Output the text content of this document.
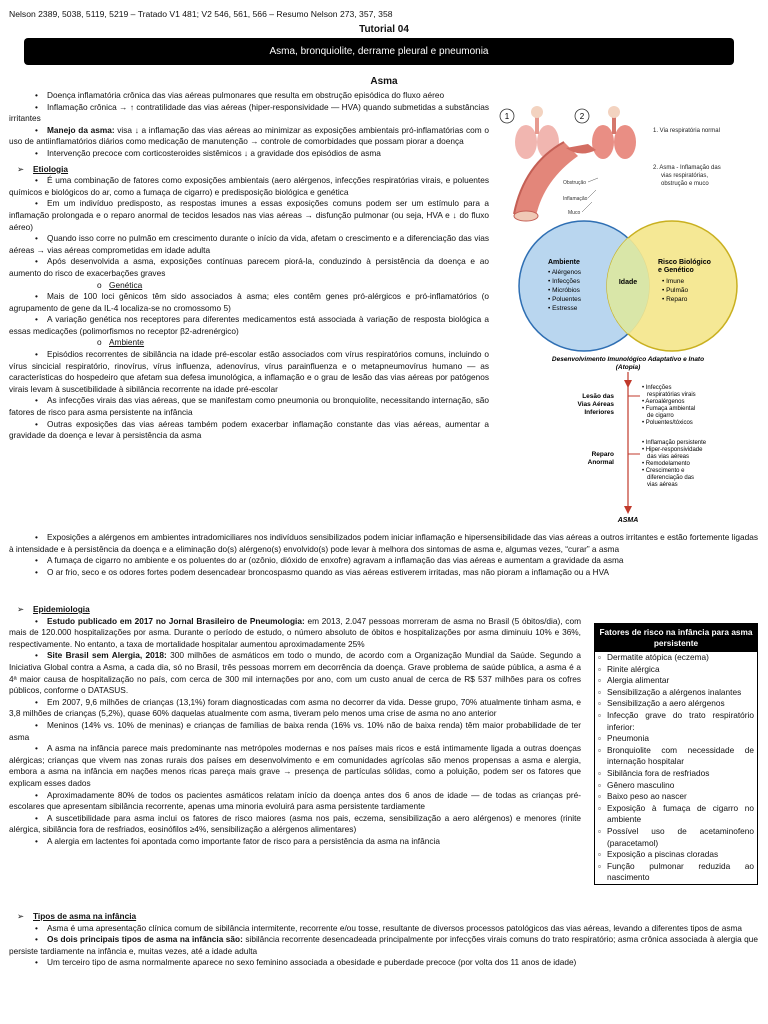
Nelson 2389, 5038, 5119, 5219 – Tratado V1 481; V2 546, 561, 566 – Resumo Nelson 273, 357, 358
Tutorial 04
Asma, bronquiolite, derrame pleural e pneumonia
Asma

• Doença inflamatória crônica das vias aéreas pulmonares que resulta em obstrução episódica do fluxo aéreo

• Inflamação crônica → ↑ contratilidade das vias aéreas (hiper-responsividade — HVA) quando submetidas a substâncias irritantes

• Manejo da asma: visa ↓ a inflamação das vias aéreas ao minimizar as exposições ambientais pró-inflamatórias com o uso de antiinflamatórios diários como medicação de manutenção → controle de comorbidades que possam piorar a doença

• Intervenção precoce com corticosteroides sistêmicos ↓ a gravidade dos episódios de asma

➢ Etiologia

• É uma combinação de fatores como exposições ambientais (aero alérgenos, infecções respiratórias virais, e poluentes químicos e biológicos do ar, como a fumaça de cigarro) e predisposição biológica e genética

• Em um indivíduo predisposto, as respostas imunes a essas exposições comuns podem ser um estímulo para a inflamação prolongada e o reparo anormal de tecidos lesados nas vias aéreas → disfunção pulmonar (ou seja, HVA e ↓ do fluxo aéreo)

• Quando isso corre no pulmão em crescimento durante o início da vida, afetam o crescimento e a diferenciação das vias aéreas → vias aéreas comprometidas em idade adulta

• Após desenvolvida a asma, exposições contínuas parecem piorá-la, conduzindo à persistência da doença e ao aumento do risco de exacerbações graves

o Genética

• Mais de 100 loci gênicos têm sido associados à asma; eles contêm genes pró-alérgicos e pró-inflamatórios (o agrupamento de gene da IL-4 localiza-se no cromossomo 5)

• A variação genética nos receptores para diferentes medicamentos está associada à variação de resposta biológica a essas medicações (polimorfismos no receptor β2-adrenérgico)

o Ambiente

• Episódios recorrentes de sibilância na idade pré-escolar estão associados com vírus respiratórios comuns, incluindo o vírus sincicial respiratório, rinovírus, vírus influenza, adenovírus, vírus parainfluenza e o metapneumovírus humano — as características do hospedeiro que afetam sua defesa imunológica, a inflamação e o grau de lesão das vias aéreas por patógenos virais levam à suscetibilidade à sibilância recorrente na idade pré-escolar

• As infecções virais das vias aéreas, que se manifestam como pneumonia ou bronquiolite, necessitando internação, são fatores de risco para asma persistente na infância

• Outras exposições das vias aéreas também podem exacerbar inflamação constante das vias aéreas, aumentar a gravidade da doença e levar à persistência da asma

• Exposições a alérgenos em ambientes intradomiciliares nos indivíduos sensibilizados podem iniciar inflamação e hipersensibilidade das vias aéreas a outros irritantes e estão fortemente ligadas à intensidade e à persistência da doença e a eliminação do(s) alérgeno(s) envolvido(s) pode levar à melhora dos sintomas de asma e, algumas vezes, “curar” a asma

• A fumaça de cigarro no ambiente e os poluentes do ar (ozônio, dióxido de enxofre) agravam a inflamação das vias aéreas e aumentam a gravidade da asma

• O ar frio, seco e os odores fortes podem desencadear broncospasmo quando as vias aéreas estiverem irritadas, mas não pioram a inflamação ou a HVA

➢ Epidemiologia

• Estudo publicado em 2017 no Jornal Brasileiro de Pneumologia: em 2013, 2.047 pessoas morreram de asma no Brasil (5 óbitos/dia), com mais de 120.000 hospitalizações por asma. Durante o período de estudo, o número absoluto de óbitos e hospitalizações por asma diminuiu 10% e 36%, respectivamente. No entanto, a taxa de mortalidade hospitalar aumentou aproximadamente 25%

• Site Brasil sem Alergia, 2018: 300 milhões de asmáticos em todo o mundo, de acordo com a Organização Mundial da Saúde. Segundo a Iniciativa Global contra a Asma, a cada dia, só no Brasil, três pessoas morrem em decorrência da doença. Grave problema de saúde pública, a asma é a 4ª maior causa de hospitalização no país, com cerca de 300 mil internações por ano, com um custo anual de cerca de R$ 537 milhões para os cofres públicos, conforme o DATASUS.

• Em 2007, 9,6 milhões de crianças (13,1%) foram diagnosticadas com asma no decorrer da vida. Desse grupo, 70% atualmente tinham asma, e 3,8 milhões de crianças (5,2%), quase 60% daquelas atualmente com asma, tiveram pelo menos uma crise de asma no ano anterior

• Meninos (14% vs. 10% de meninas) e crianças de famílias de baixa renda (16% vs. 10% não de baixa renda) têm maior probabilidade de ter asma

• A asma na infância parece mais predominante nas metrópoles modernas e nos países mais ricos e está intimamente ligada a outras doenças alérgicas; crianças que vivem nas zonas rurais dos países em desenvolvimento e em comunidades agrícolas são menos propensas a asma e alergia, embora a asma na infância em nações menos ricas pareça mais grave → presença de partículas sólidas, como a poluição, podem ser os fatores que explicam esses dados

• Aproximadamente 80% de todos os pacientes asmáticos relatam início da doença antes dos 6 anos de idade — de todas as crianças pré-escolares que apresentam sibilância recorrente, apenas uma minoria evoluirá para asma persistente tardiamente

• A suscetibilidade para asma inclui os fatores de risco maiores (asma nos pais, eczema, sensibilização a aero alérgenos) e menores (rinite alérgica, sibilância fora de resfriados, eosinófilos ≥4%, sensibilização a alérgenos alimentares)

• A alergia em lactentes foi apontada como importante fator de risco para a persistência da asma na infância

Fatores de risco na infância para asma persistente
▫ Dermatite atópica (eczema)
▫ Rinite alérgica
▫ Alergia alimentar
▫ Sensibilização a alérgenos inalantes
▫ Sensibilização a aero alérgenos
▫ Infecção grave do trato respiratório inferior:
▫ Pneumonia
▫ Bronquiolite com necessidade de internação hospitalar
▫ Sibilância fora de resfriados
▫ Gênero masculino
▫ Baixo peso ao nascer
▫ Exposição à fumaça de cigarro no ambiente
▫ Possível uso de acetaminofeno (paracetamol)
▫ Exposição a piscinas cloradas
▫ Função pulmonar reduzida ao nascimento

➢ Tipos de asma na infância

• Asma é uma apresentação clínica comum de sibilância intermitente, recorrente e/ou tosse, resultante de diversos processos patológicos das vias aéreas, levando a diferentes tipos de asma

• Os dois principais tipos de asma na infância são: sibilância recorrente desencadeada principalmente por infecções virais comuns do trato respiratório; asma crônica associada à alergia que persiste tardiamente na infância e, muitas vezes, até a idade adulta

• Um terceiro tipo de asma normalmente aparece no sexo feminino associada a obesidade e puberdade precoce (por volta dos 11 anos de idade)

1	2
Obstrução
Inflamação
Muco
1. Via respiratória normal
2. Asma - Inflamação das
vias respiratórias,
obstrução e muco
Ambiente
• Alérgenos
• Infecções
• Micróbios
• Poluentes
• Estresse
Idade
Risco Biológico
e Genético
• Imune
• Pulmão
• Reparo
Desenvolvimento Imunológico Adaptativo e Inato
(Atopia)
Lesão das
Vias Aéreas
Inferiores
• Infecções
respiratórias virais
• Aeroalérgenos
• Fumaça ambiental
de cigarro
• Poluentes/tóxicos
Reparo
Anormal
• Inflamação persistente
• Hiper-responsividade
das vias aéreas
• Remodelamento
• Crescimento e
diferenciação das
vias aéreas
ASMA
